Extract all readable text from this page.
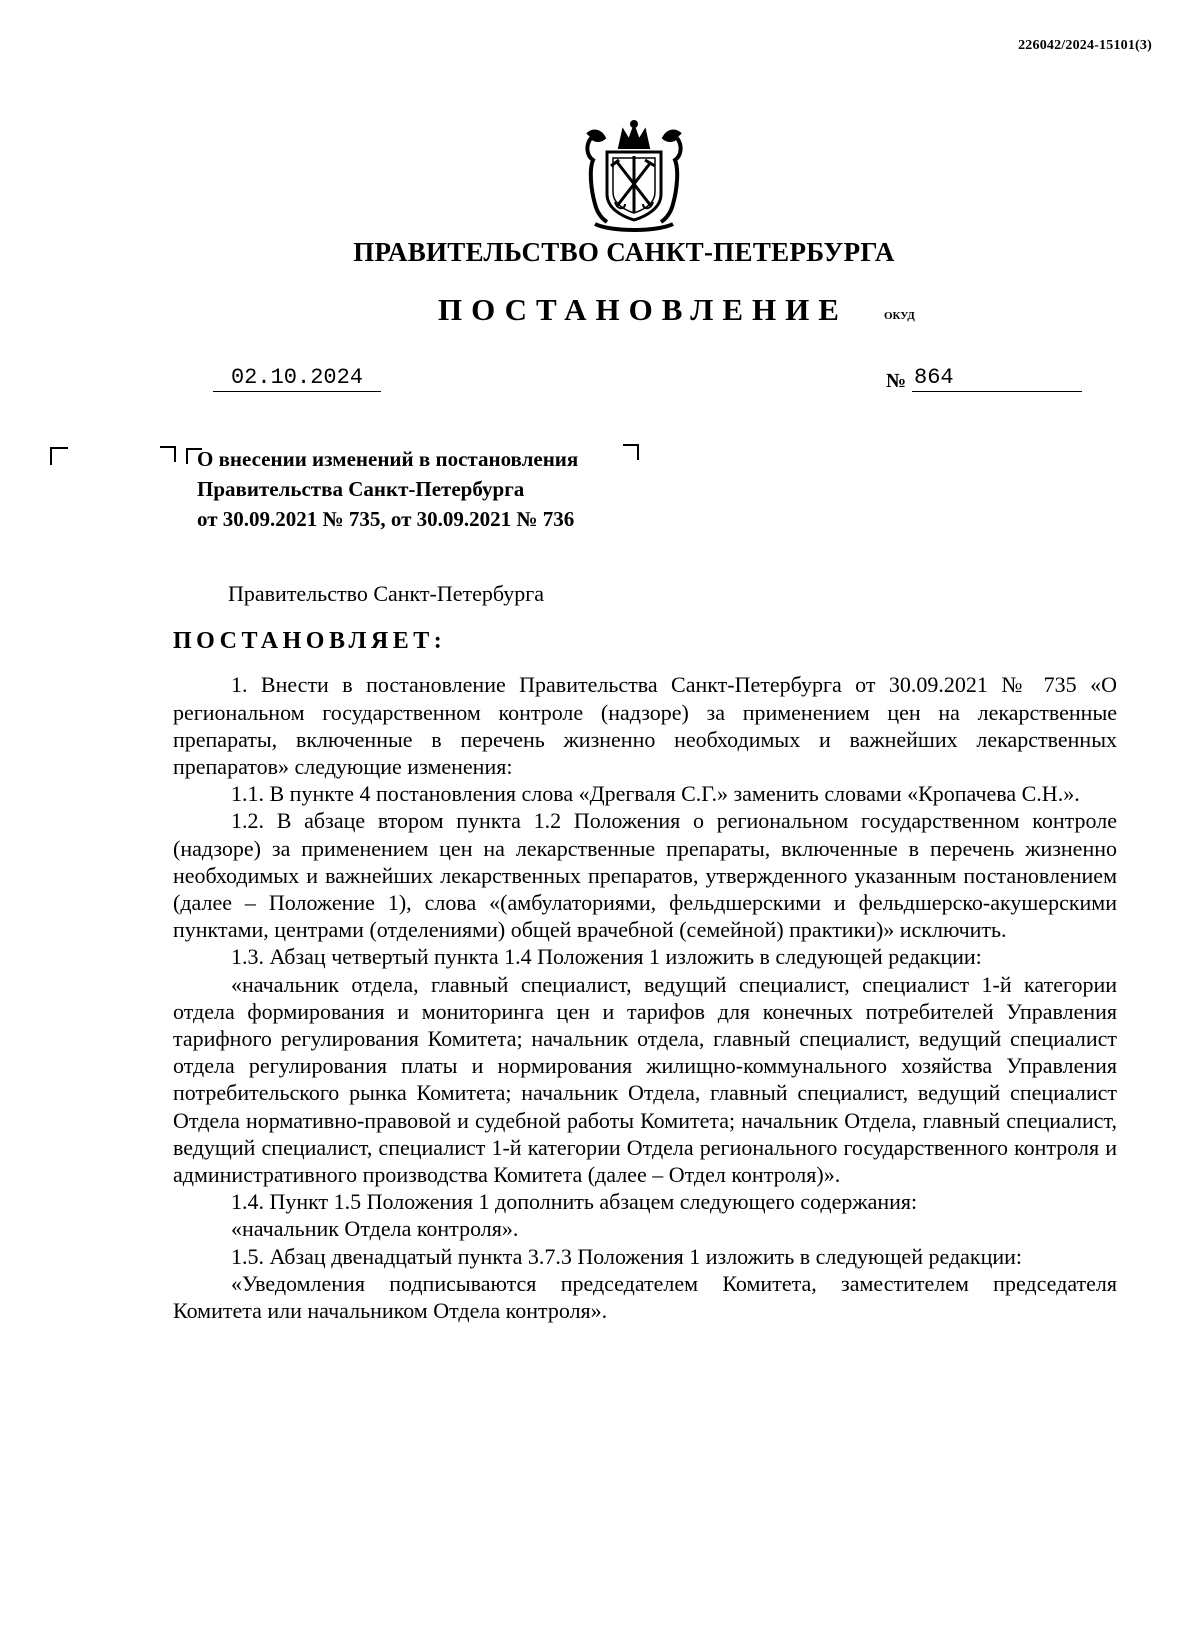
226042/2024-15101(3)
ПРАВИТЕЛЬСТВО САНКТ-ПЕТЕРБУРГА
ПОСТАНОВЛЕНИЕ	ОКУД
02.10.2024	№ 864
О внесении изменений в постановления
Правительства Санкт-Петербурга
от 30.09.2021 № 735, от 30.09.2021 № 736

Правительство Санкт-Петербурга

ПОСТАНОВЛЯЕТ:

1. Внести в постановление Правительства Санкт-Петербурга от 30.09.2021 № 735 «О региональном государственном контроле (надзоре) за применением цен на лекарственные препараты, включенные в перечень жизненно необходимых и важнейших лекарственных препаратов» следующие изменения:

1.1. В пункте 4 постановления слова «Дрегваля С.Г.» заменить словами «Кропачева С.Н.».

1.2. В абзаце втором пункта 1.2 Положения о региональном государственном контроле (надзоре) за применением цен на лекарственные препараты, включенные в перечень жизненно необходимых и важнейших лекарственных препаратов, утвержденного указанным постановлением (далее – Положение 1), слова «(амбулаториями, фельдшерскими и фельдшерско-акушерскими пунктами, центрами (отделениями) общей врачебной (семейной) практики)» исключить.

1.3. Абзац четвертый пункта 1.4 Положения 1 изложить в следующей редакции:

«начальник отдела, главный специалист, ведущий специалист, специалист 1-й категории отдела формирования и мониторинга цен и тарифов для конечных потребителей Управления тарифного регулирования Комитета; начальник отдела, главный специалист, ведущий специалист отдела регулирования платы и нормирования жилищно-коммунального хозяйства Управления потребительского рынка Комитета; начальник Отдела, главный специалист, ведущий специалист Отдела нормативно-правовой и судебной работы Комитета; начальник Отдела, главный специалист, ведущий специалист, специалист 1-й категории Отдела регионального государственного контроля и административного производства Комитета (далее – Отдел контроля)».

1.4. Пункт 1.5 Положения 1 дополнить абзацем следующего содержания:

«начальник Отдела контроля».

1.5. Абзац двенадцатый пункта 3.7.3 Положения 1 изложить в следующей редакции:

«Уведомления подписываются председателем Комитета, заместителем председателя Комитета или начальником Отдела контроля».
